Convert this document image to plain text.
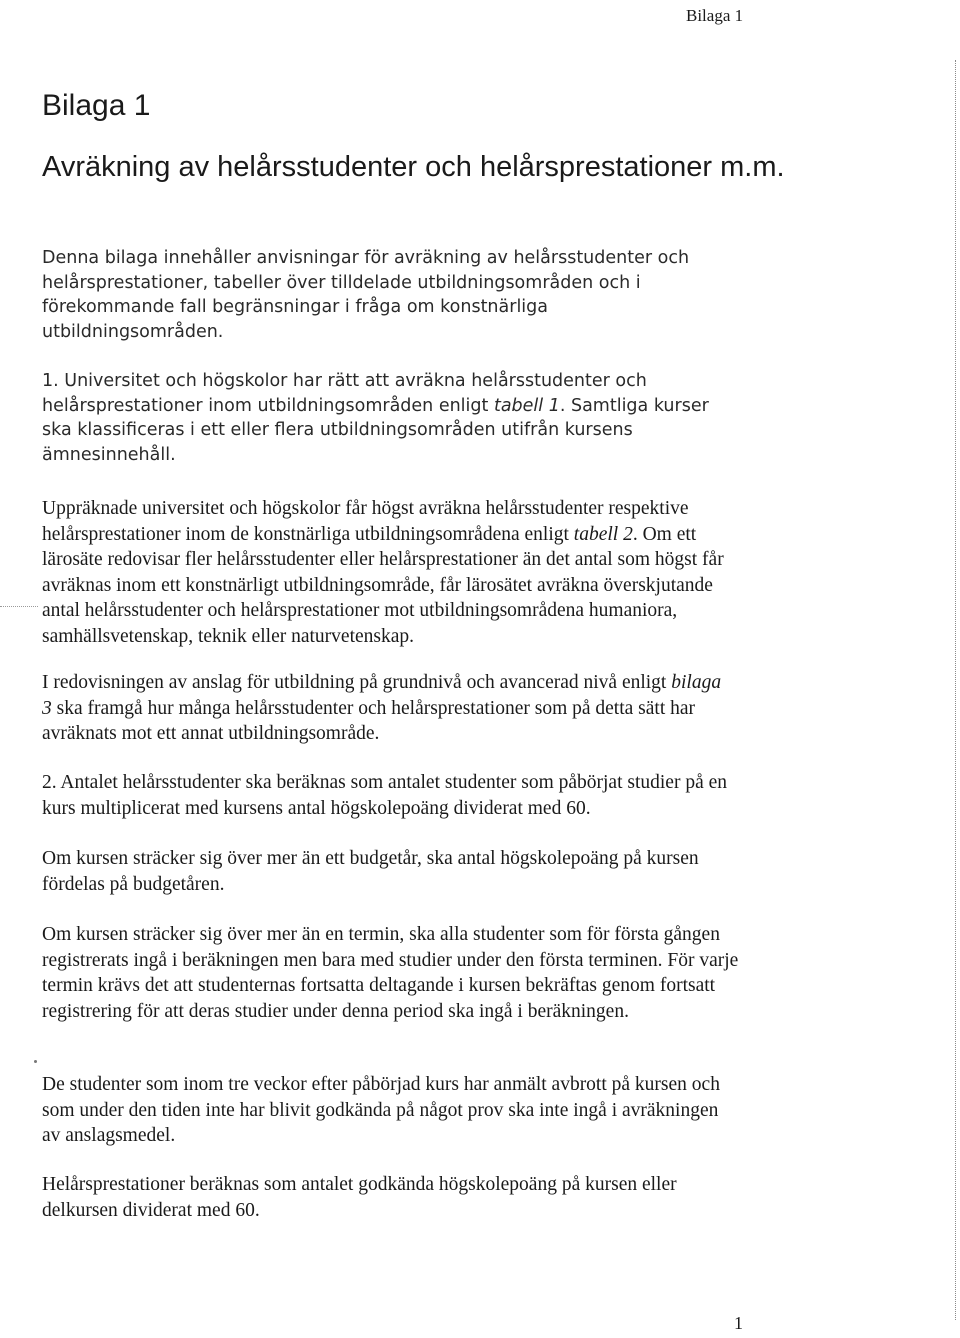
Bilaga 1
Bilaga 1
Avräkning av helårsstudenter och helårsprestationer m.m.

Denna bilaga innehåller anvisningar för avräkning av helårsstudenter och helårsprestationer, tabeller över tilldelade utbildningsområden och i förekommande fall begränsningar i fråga om konstnärliga utbildningsområden.

1. Universitet och högskolor har rätt att avräkna helårsstudenter och helårsprestationer inom utbildningsområden enligt tabell 1. Samtliga kurser ska klassificeras i ett eller flera utbildningsområden utifrån kursens ämnesinnehåll.

Uppräknade universitet och högskolor får högst avräkna helårsstudenter respektive helårsprestationer inom de konstnärliga utbildningsområdena enligt tabell 2. Om ett lärosäte redovisar fler helårsstudenter eller helårsprestationer än det antal som högst får avräknas inom ett konstnärligt utbildningsområde, får lärosätet avräkna överskjutande antal helårsstudenter och helårsprestationer mot utbildningsområdena humaniora, samhällsvetenskap, teknik eller naturvetenskap.

I redovisningen av anslag för utbildning på grundnivå och avancerad nivå enligt bilaga 3 ska framgå hur många helårsstudenter och helårsprestationer som på detta sätt har avräknats mot ett annat utbildningsområde.

2. Antalet helårsstudenter ska beräknas som antalet studenter som påbörjat studier på en kurs multiplicerat med kursens antal högskolepoäng dividerat med 60.

Om kursen sträcker sig över mer än ett budgetår, ska antal högskolepoäng på kursen fördelas på budgetåren.

Om kursen sträcker sig över mer än en termin, ska alla studenter som för första gången registrerats ingå i beräkningen men bara med studier under den första terminen. För varje termin krävs det att studenternas fortsatta deltagande i kursen bekräftas genom fortsatt registrering för att deras studier under denna period ska ingå i beräkningen.

De studenter som inom tre veckor efter påbörjad kurs har anmält avbrott på kursen och som under den tiden inte har blivit godkända på något prov ska inte ingå i avräkningen av anslagsmedel.

Helårsprestationer beräknas som antalet godkända högskolepoäng på kursen eller delkursen dividerat med 60.

1
